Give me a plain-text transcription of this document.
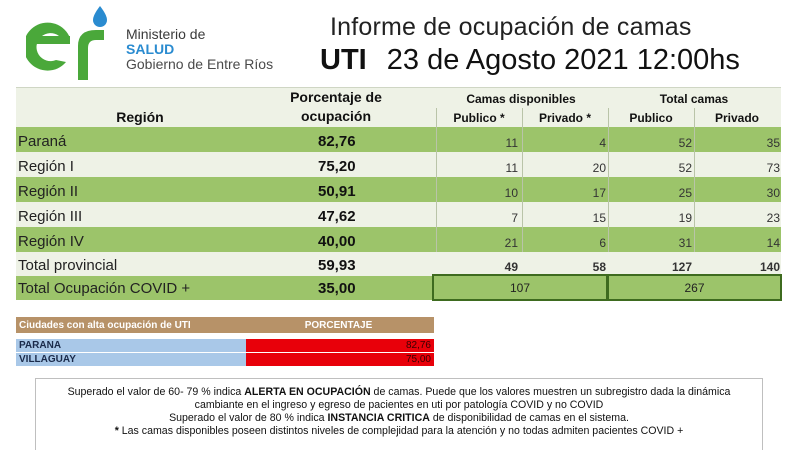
Ministerio de
SALUD
Gobierno de Entre Ríos
Informe de ocupación de camas
UTI 23 de Agosto 2021 12:00hs
Porcentaje de
ocupación
Región
Camas disponibles	Total camas
Publico *	Privado *	Publico	Privado
Paraná	82,76	11	4	52	35
Región I	75,20	11	20	52	73
Región II	50,91	10	17	25	30
Región III	47,62	7	15	19	23
Región IV	40,00	21	6	31	14
Total provincial	59,93	49	58	127	140
Total Ocupación COVID +	35,00	107	267
Ciudades con alta ocupación de UTI	PORCENTAJE
PARANA	82,76
VILLAGUAY	75,00
Superado el valor de 60- 79 % indica ALERTA EN OCUPACIÓN de camas. Puede que los valores muestren un subregistro dada la dinámica
cambiante en el ingreso y egreso de pacientes en uti por patología COVID y no COVID
Superado el valor de 80 % indica INSTANCIA CRITICA de disponibilidad de camas en el sistema.
* Las camas disponibles poseen distintos niveles de complejidad para la atención y no todas admiten pacientes COVID +
